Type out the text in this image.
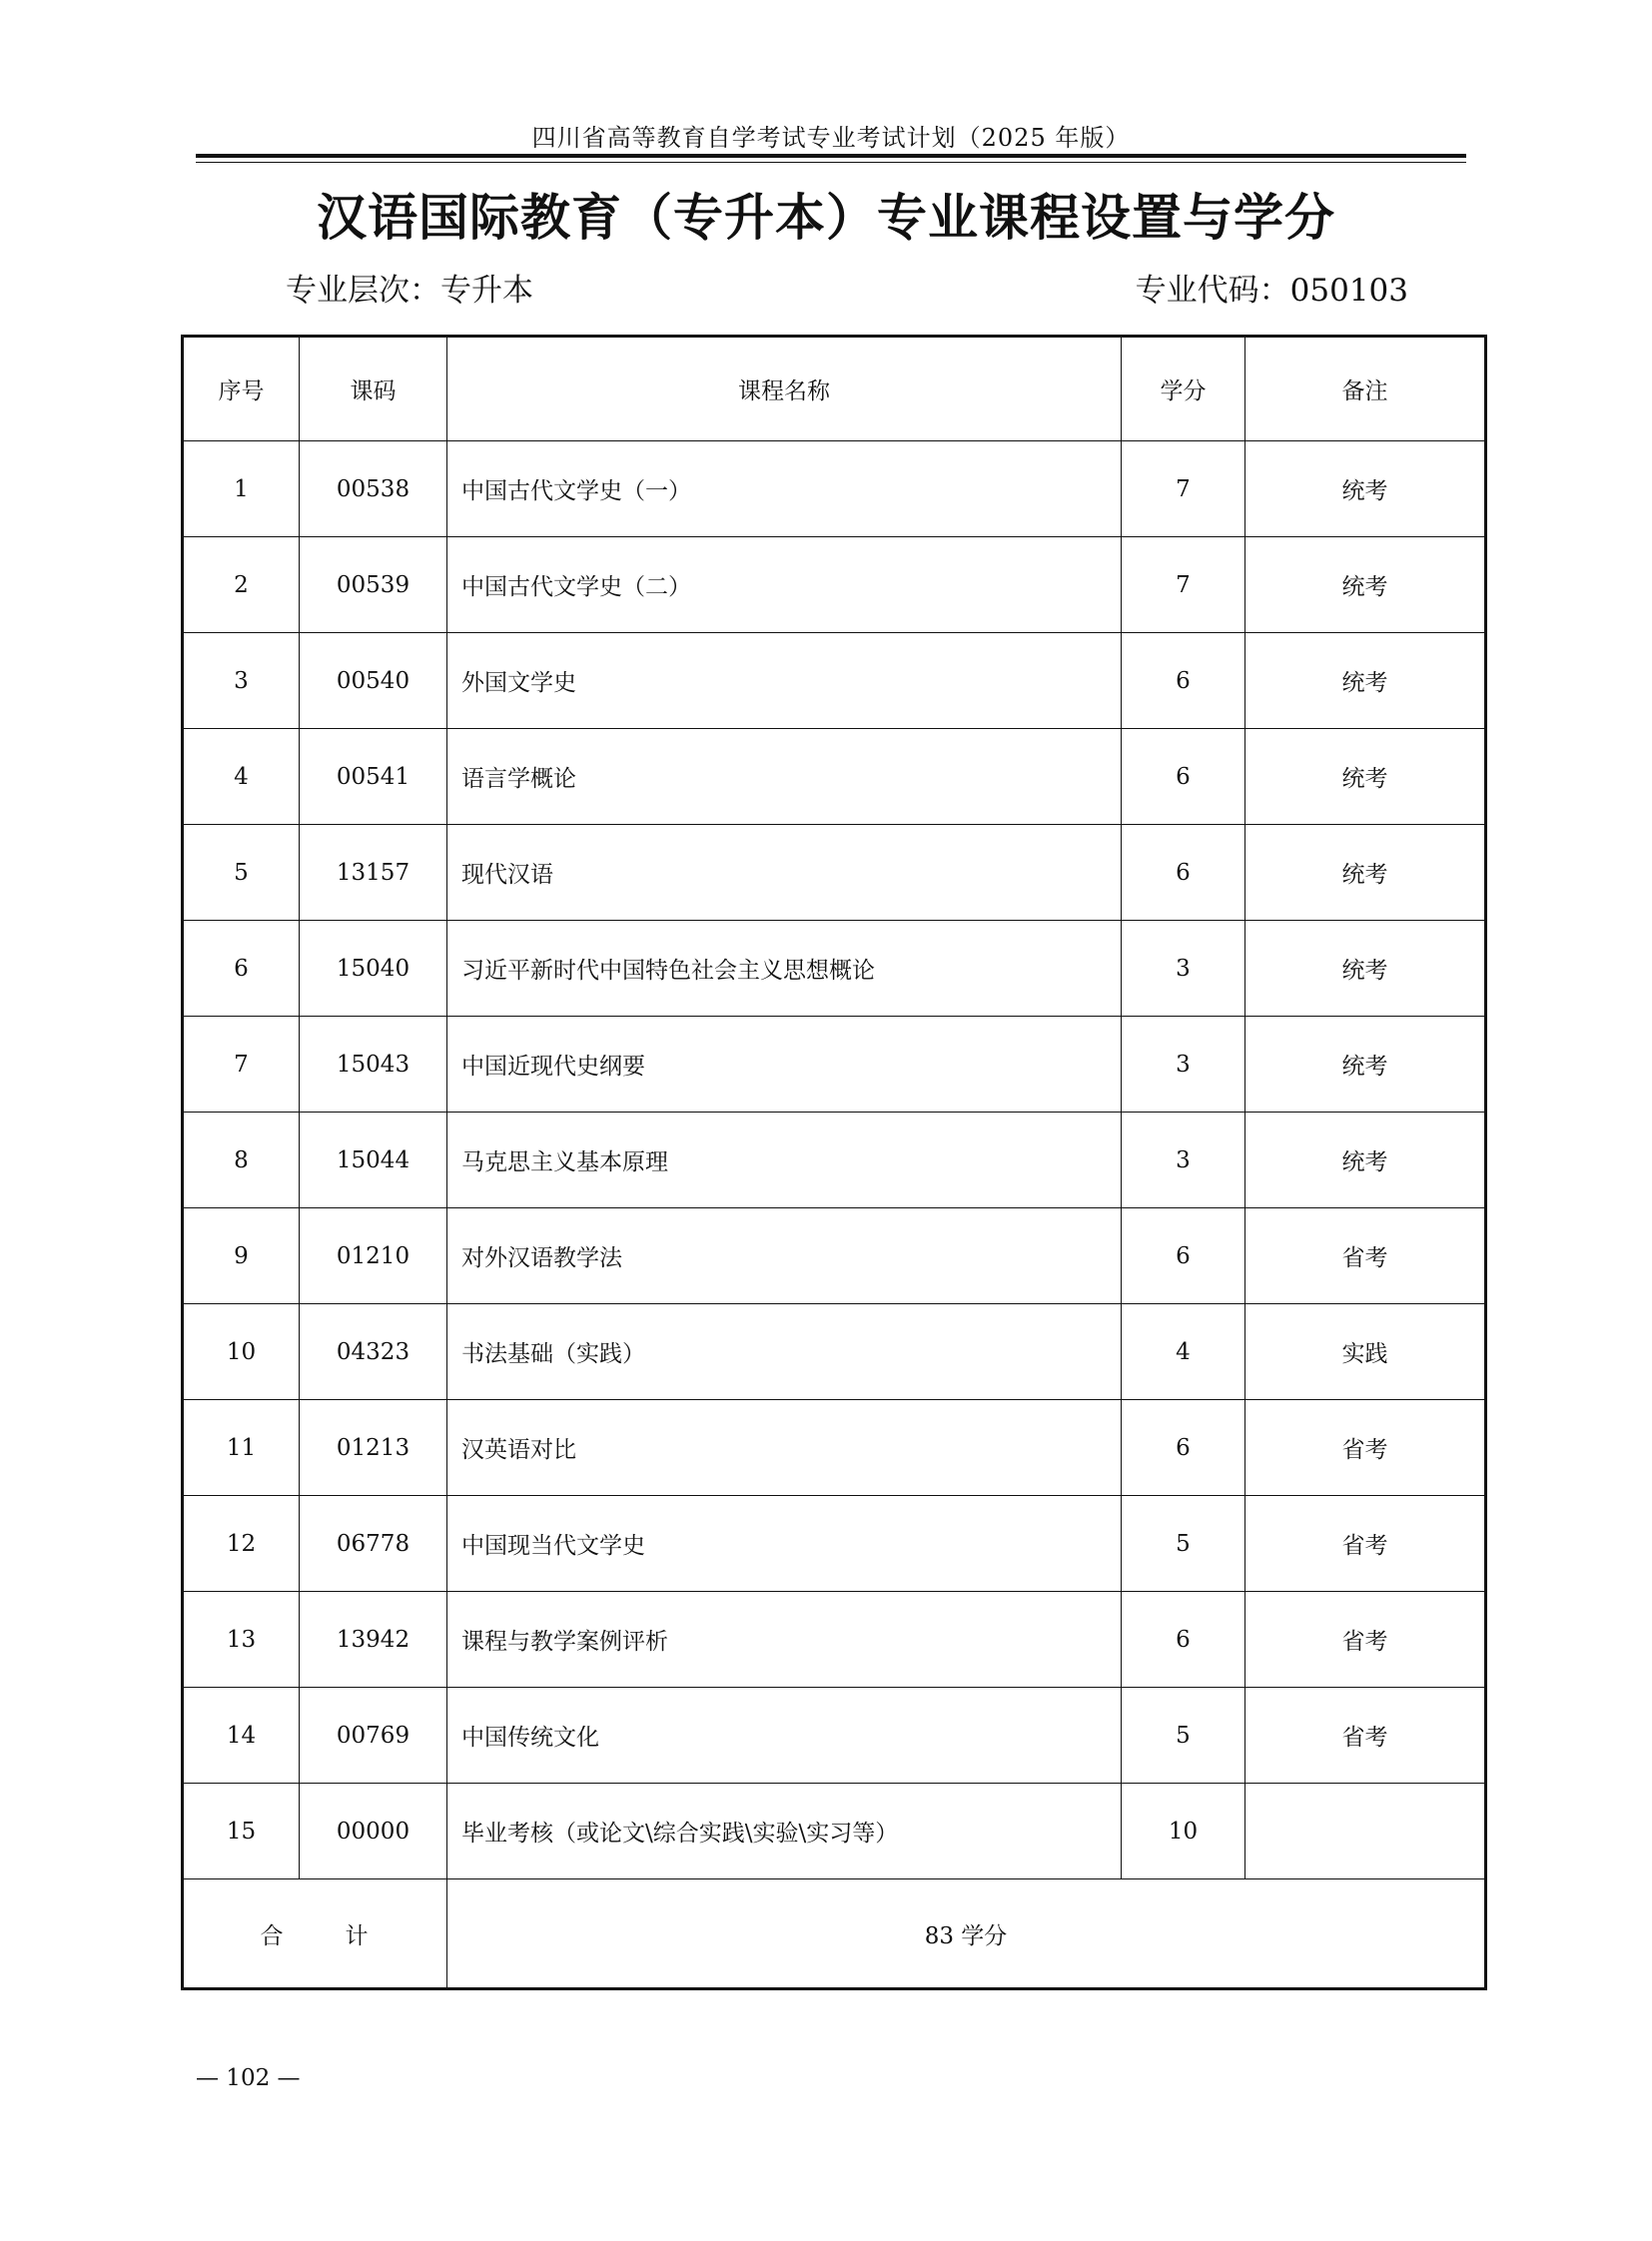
四川省高等教育自学考试专业考试计划（2025 年版）
汉语国际教育（专升本）专业课程设置与学分
专业层次：专升本	专业代码：050103
序号	课码	课程名称	学分	备注
1	00538	中国古代文学史（一）	7	统考
2	00539	中国古代文学史（二）	7	统考
3	00540	外国文学史	6	统考
4	00541	语言学概论	6	统考
5	13157	现代汉语	6	统考
6	15040	习近平新时代中国特色社会主义思想概论	3	统考
7	15043	中国近现代史纲要	3	统考
8	15044	马克思主义基本原理	3	统考
9	01210	对外汉语教学法	6	省考
10	04323	书法基础（实践）	4	实践
11	01213	汉英语对比	6	省考
12	06778	中国现当代文学史	5	省考
13	13942	课程与教学案例评析	6	省考
14	00769	中国传统文化	5	省考
15	00000	毕业考核（或论文\综合实践\实验\实习等）	10	
合 计		83 学分		
— 102 —
